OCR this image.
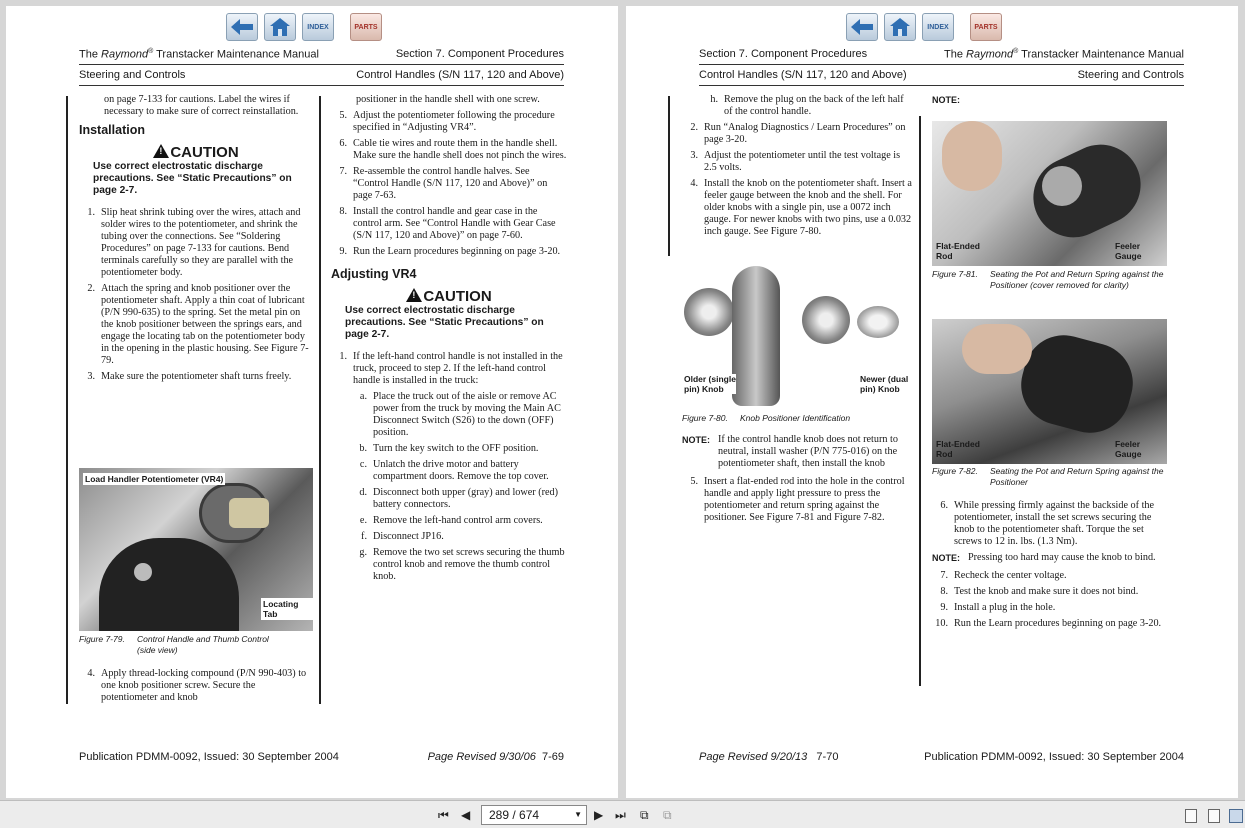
INDEX	PARTS
The Raymond® Transtacker Maintenance Manual	Section 7. Component Procedures
Steering and Controls	Control Handles (S/N 117, 120 and Above)
on page 7-133 for cautions. Label the wires if necessary to make sure of correct reinstallation.
Installation
!CAUTION
Use correct electrostatic discharge precautions. See “Static Precautions” on page 2-7.
1. Slip heat shrink tubing over the wires, attach and solder wires to the potentiometer, and shrink the tubing over the connections. See “Soldering Procedures” on page 7-133 for cautions. Bend terminals carefully so they are parallel with the potentiometer body.
2. Attach the spring and knob positioner over the potentiometer shaft. Apply a thin coat of lubricant (P/N 990-635) to the spring. Set the metal pin on the knob positioner between the springs ears, and engage the locating tab on the potentiometer body in the opening in the plastic housing. See Figure 7-79.
3. Make sure the potentiometer shaft turns freely.
Load Handler Potentiometer (VR4)
Locating Tab
Figure 7-79. Control Handle and Thumb Control (side view)
4. Apply thread-locking compound (P/N 990-403) to one knob positioner screw. Secure the potentiometer and knob
positioner in the handle shell with one screw.
5. Adjust the potentiometer following the procedure specified in “Adjusting VR4”.
6. Cable tie wires and route them in the handle shell. Make sure the handle shell does not pinch the wires.
7. Re-assemble the control handle halves. See “Control Handle (S/N 117, 120 and Above)” on page 7-63.
8. Install the control handle and gear case in the control arm. See “Control Handle with Gear Case (S/N 117, 120 and Above)” on page 7-60.
9. Run the Learn procedures beginning on page 3-20.
Adjusting VR4
!CAUTION
Use correct electrostatic discharge precautions. See “Static Precautions” on page 2-7.
1. If the left-hand control handle is not installed in the truck, proceed to step 2. If the left-hand control handle is installed in the truck:
a. Place the truck out of the aisle or remove AC power from the truck by moving the Main AC Disconnect Switch (S26) to the down (OFF) position.
b. Turn the key switch to the OFF position.
c. Unlatch the drive motor and battery compartment doors. Remove the top cover.
d. Disconnect both upper (gray) and lower (red) battery connectors.
e. Remove the left-hand control arm covers.
f. Disconnect JP16.
g. Remove the two set screws securing the thumb control knob and remove the thumb control knob.
Publication PDMM-0092, Issued: 30 September 2004	Page Revised 9/30/06 7-69
INDEX	PARTS
Section 7. Component Procedures	The Raymond® Transtacker Maintenance Manual
Control Handles (S/N 117, 120 and Above)	Steering and Controls
h. Remove the plug on the back of the left half of the control handle.
2. Run “Analog Diagnostics / Learn Procedures” on page 3-20.
3. Adjust the potentiometer until the test voltage is 2.5 volts.
4. Install the knob on the potentiometer shaft. Insert a feeler gauge between the knob and the shell. For older knobs with a single pin, use a 0072 inch gauge. For newer knobs with two pins, use a 0.032 inch gauge. See Figure 7-80.
Older (single pin) Knob
Newer (dual pin) Knob
Figure 7-80. Knob Positioner Identification
NOTE: If the control handle knob does not return to neutral, install washer (P/N 775-016) on the potentiometer shaft, then install the knob
5. Insert a flat-ended rod into the hole in the control handle and apply light pressure to press the potentiometer and return spring against the positioner. See Figure 7-81 and Figure 7-82.
NOTE:
Flat-Ended Rod
Feeler Gauge
Figure 7-81. Seating the Pot and Return Spring against the Positioner (cover removed for clarity)
Flat-Ended Rod
Feeler Gauge
Figure 7-82. Seating the Pot and Return Spring against the Positioner
6. While pressing firmly against the backside of the potentiometer, install the set screws securing the knob to the potentiometer shaft. Torque the set screws to 12 in. lbs. (1.3 Nm).
NOTE: Pressing too hard may cause the knob to bind.
7. Recheck the center voltage.
8. Test the knob and make sure it does not bind.
9. Install a plug in the hole.
10. Run the Learn procedures beginning on page 3-20.
Page Revised 9/20/13 7-70	Publication PDMM-0092, Issued: 30 September 2004
⏮ ◀	289 / 674	▼ ▶ ⏭ ⧉ ⧉
